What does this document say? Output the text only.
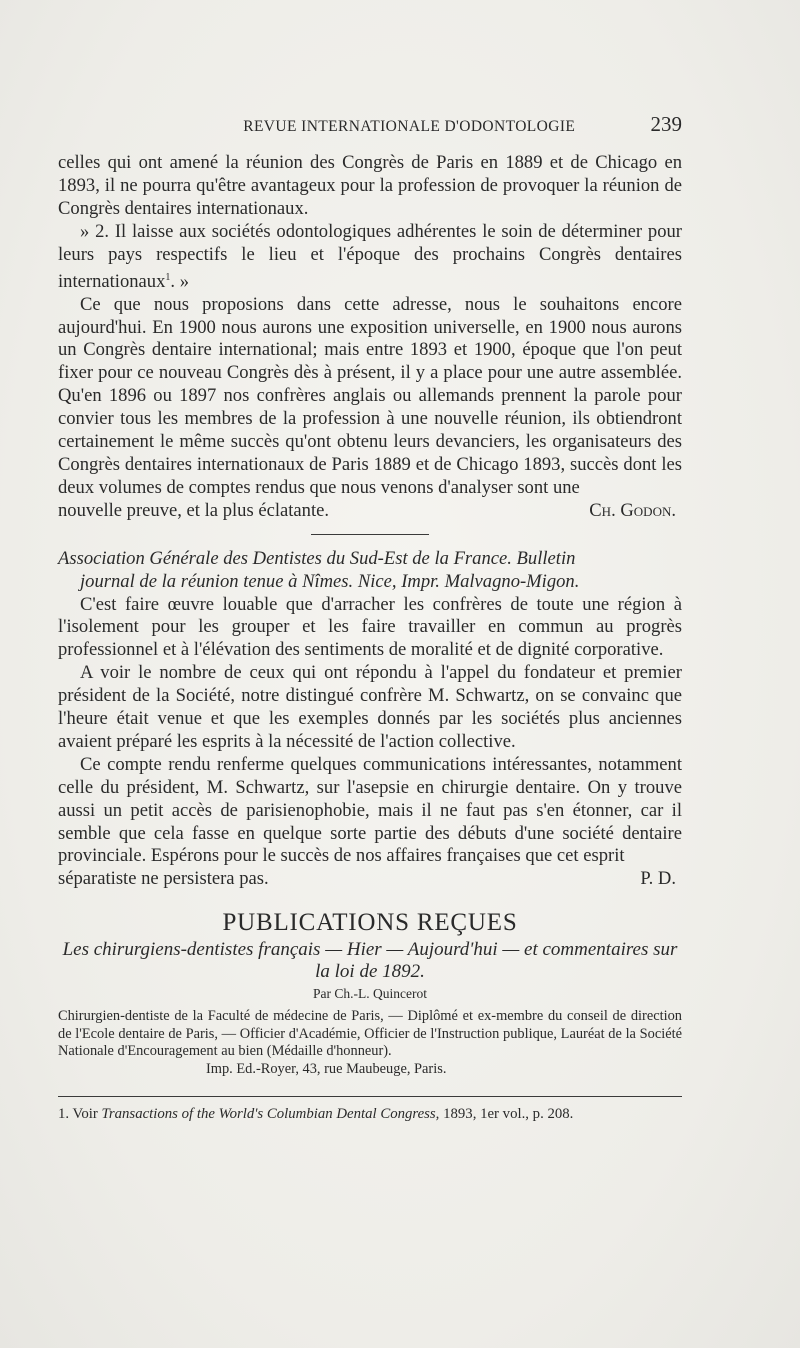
REVUE INTERNATIONALE D'ODONTOLOGIE	239

celles qui ont amené la réunion des Congrès de Paris en 1889 et de Chicago en 1893, il ne pourra qu'être avantageux pour la profession de provoquer la réunion de Congrès dentaires internationaux.

» 2. Il laisse aux sociétés odontologiques adhérentes le soin de déterminer pour leurs pays respectifs le lieu et l'époque des prochains Congrès dentaires internationaux$^1$. »

Ce que nous proposions dans cette adresse, nous le souhaitons encore aujourd'hui. En 1900 nous aurons une exposition universelle, en 1900 nous aurons un Congrès dentaire international; mais entre 1893 et 1900, époque que l'on peut fixer pour ce nouveau Congrès dès à présent, il y a place pour une autre assemblée. Qu'en 1896 ou 1897 nos confrères anglais ou allemands prennent la parole pour convier tous les membres de la profession à une nouvelle réunion, ils obtiendront certainement le même succès qu'ont obtenu leurs devanciers, les organisateurs des Congrès dentaires internationaux de Paris 1889 et de Chicago 1893, succès dont les deux volumes de comptes rendus que nous venons d'analyser sont une

nouvelle preuve, et la plus éclatante.	Ch. Godon.

Association Générale des Dentistes du Sud-Est de la France. Bulletin

journal de la réunion tenue à Nîmes. Nice, Impr. Malvagno-Migon.

C'est faire œuvre louable que d'arracher les confrères de toute une région à l'isolement pour les grouper et les faire travailler en commun au progrès professionnel et à l'élévation des sentiments de moralité et de dignité corporative.

A voir le nombre de ceux qui ont répondu à l'appel du fondateur et premier président de la Société, notre distingué confrère M. Schwartz, on se convainc que l'heure était venue et que les exemples donnés par les sociétés plus anciennes avaient préparé les esprits à la nécessité de l'action collective.

Ce compte rendu renferme quelques communications intéressantes, notamment celle du président, M. Schwartz, sur l'asepsie en chirurgie dentaire. On y trouve aussi un petit accès de parisienophobie, mais il ne faut pas s'en étonner, car il semble que cela fasse en quelque sorte partie des débuts d'une société dentaire provinciale. Espérons pour le succès de nos affaires françaises que cet esprit

séparatiste ne persistera pas.	P. D.
PUBLICATIONS REÇUES
Les chirurgiens-dentistes français — Hier — Aujourd'hui — et commentaires sur la loi de 1892.
Par Ch.-L. Quincerot
Chirurgien-dentiste de la Faculté de médecine de Paris, — Diplômé et ex-membre du conseil de direction de l'Ecole dentaire de Paris, — Officier d'Académie, Officier de l'Instruction publique, Lauréat de la Société Nationale d'Encouragement au bien (Médaille d'honneur).
Imp. Ed.-Royer, 43, rue Maubeuge, Paris.
1. Voir Transactions of the World's Columbian Dental Congress, 1893, 1er vol., p. 208.
